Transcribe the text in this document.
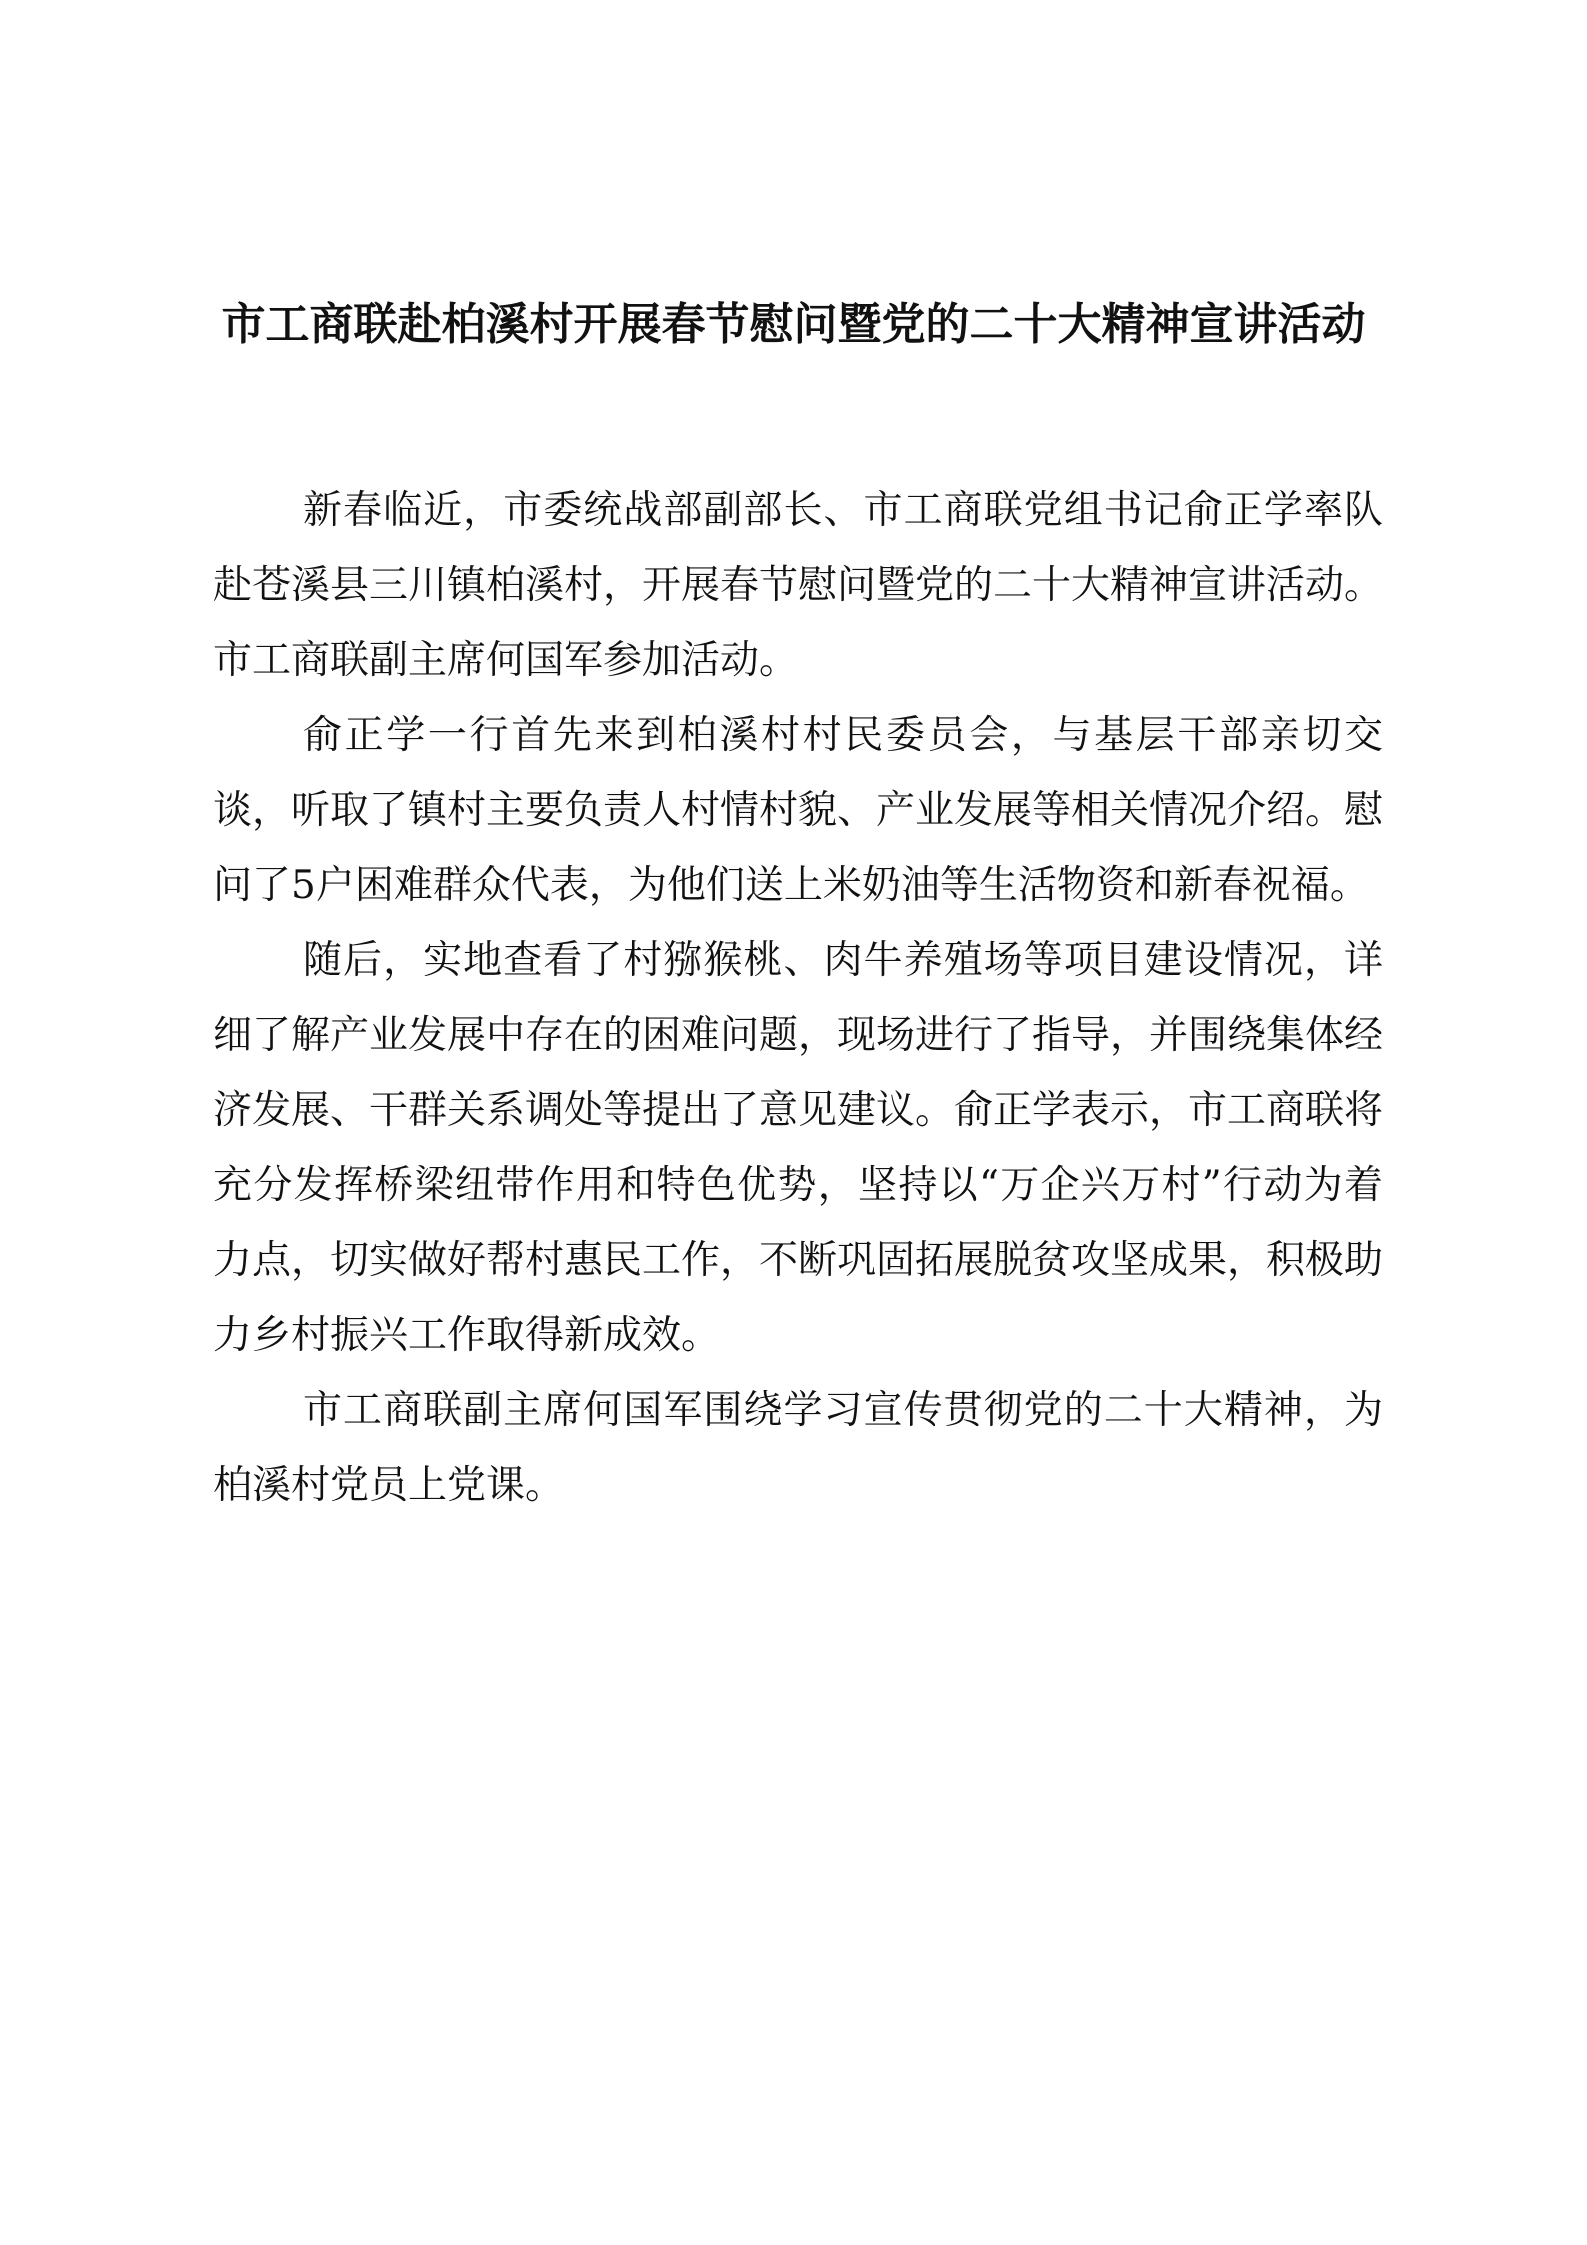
市工商联赴柏溪村开展春节慰问暨党的二十大精神宣讲活动

新春临近，市委统战部副部长、市工商联党组书记俞正学率队赴苍溪县三川镇柏溪村，开展春节慰问暨党的二十大精神宣讲活动。市工商联副主席何国军参加活动。

俞正学一行首先来到柏溪村村民委员会，与基层干部亲切交谈，听取了镇村主要负责人村情村貌、产业发展等相关情况介绍。慰问了5户困难群众代表，为他们送上米奶油等生活物资和新春祝福。

随后，实地查看了村猕猴桃、肉牛养殖场等项目建设情况，详细了解产业发展中存在的困难问题，现场进行了指导，并围绕集体经济发展、干群关系调处等提出了意见建议。俞正学表示，市工商联将充分发挥桥梁纽带作用和特色优势，坚持以“万企兴万村”行动为着力点，切实做好帮村惠民工作，不断巩固拓展脱贫攻坚成果，积极助力乡村振兴工作取得新成效。

市工商联副主席何国军围绕学习宣传贯彻党的二十大精神，为柏溪村党员上党课。
